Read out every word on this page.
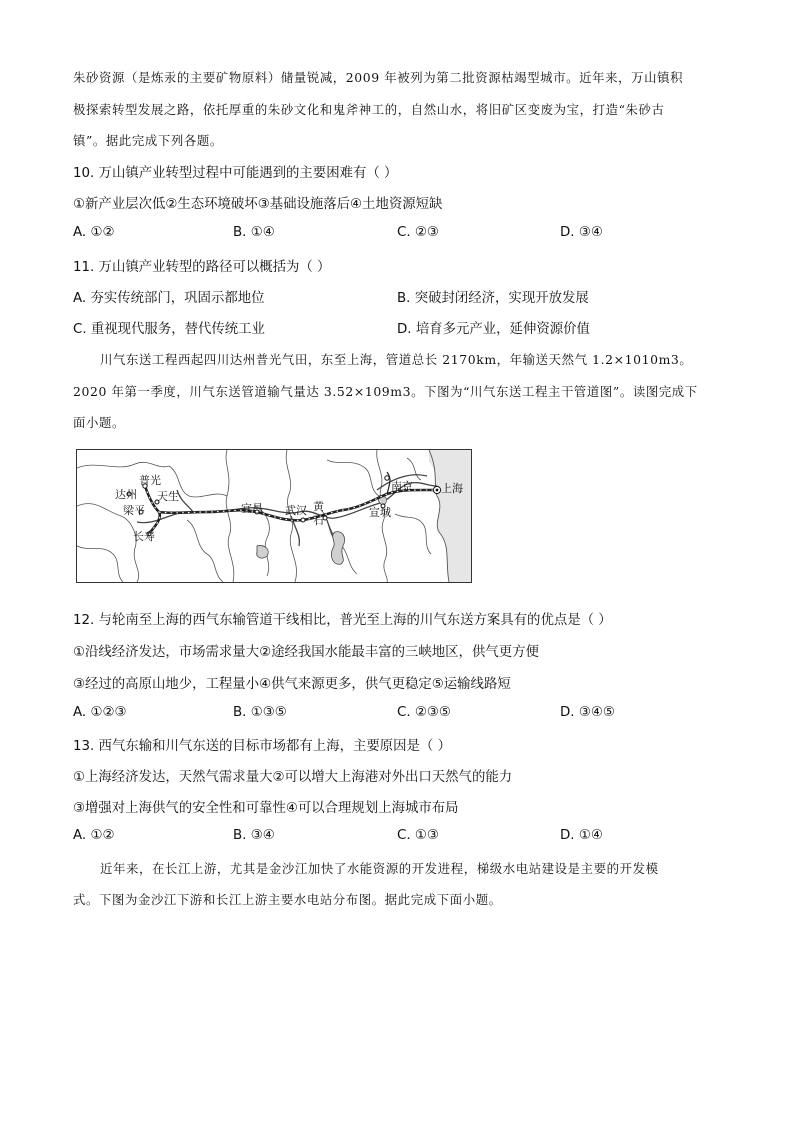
朱砂资源（是炼汞的主要矿物原料）储量锐减，2009 年被列为第二批资源枯竭型城市。近年来，万山镇积
极探索转型发展之路，依托厚重的朱砂文化和鬼斧神工的，自然山水，将旧矿区变废为宝，打造“朱砂古
镇”。据此完成下列各题。
10. 万山镇产业转型过程中可能遇到的主要困难有（ ）
①新产业层次低②生态环境破坏③基础设施落后④土地资源短缺
A. ①②	B. ①④	C. ②③	D. ③④
11. 万山镇产业转型的路径可以概括为（ ）
A. 夯实传统部门，巩固示都地位	B. 突破封闭经济，实现开放发展
C. 重视现代服务，替代传统工业	D. 培育多元产业，延伸资源价值
川气东送工程西起四川达州普光气田，东至上海，管道总长 2170km，年输送天然气 1.2×1010m3。
2020 年第一季度，川气东送管道输气量达 3.52×109m3。下图为“川气东送工程主干管道图”。读图完成下
面小题。
普光
达州 天生
梁平
长寿
宜昌 武汉 黄
石
南京	上海
宣城
12. 与轮南至上海的西气东输管道干线相比，普光至上海的川气东送方案具有的优点是（ ）
①沿线经济发达，市场需求量大②途经我国水能最丰富的三峡地区，供气更方便
③经过的高原山地少，工程量小④供气来源更多，供气更稳定⑤运输线路短
A. ①②③	B. ①③⑤	C. ②③⑤	D. ③④⑤
13. 西气东输和川气东送的目标市场都有上海，主要原因是（ ）
①上海经济发达，天然气需求量大②可以增大上海港对外出口天然气的能力
③增强对上海供气的安全性和可靠性④可以合理规划上海城市布局
A. ①②	B. ③④	C. ①③	D. ①④
近年来，在长江上游，尤其是金沙江加快了水能资源的开发进程，梯级水电站建设是主要的开发模
式。下图为金沙江下游和长江上游主要水电站分布图。据此完成下面小题。
